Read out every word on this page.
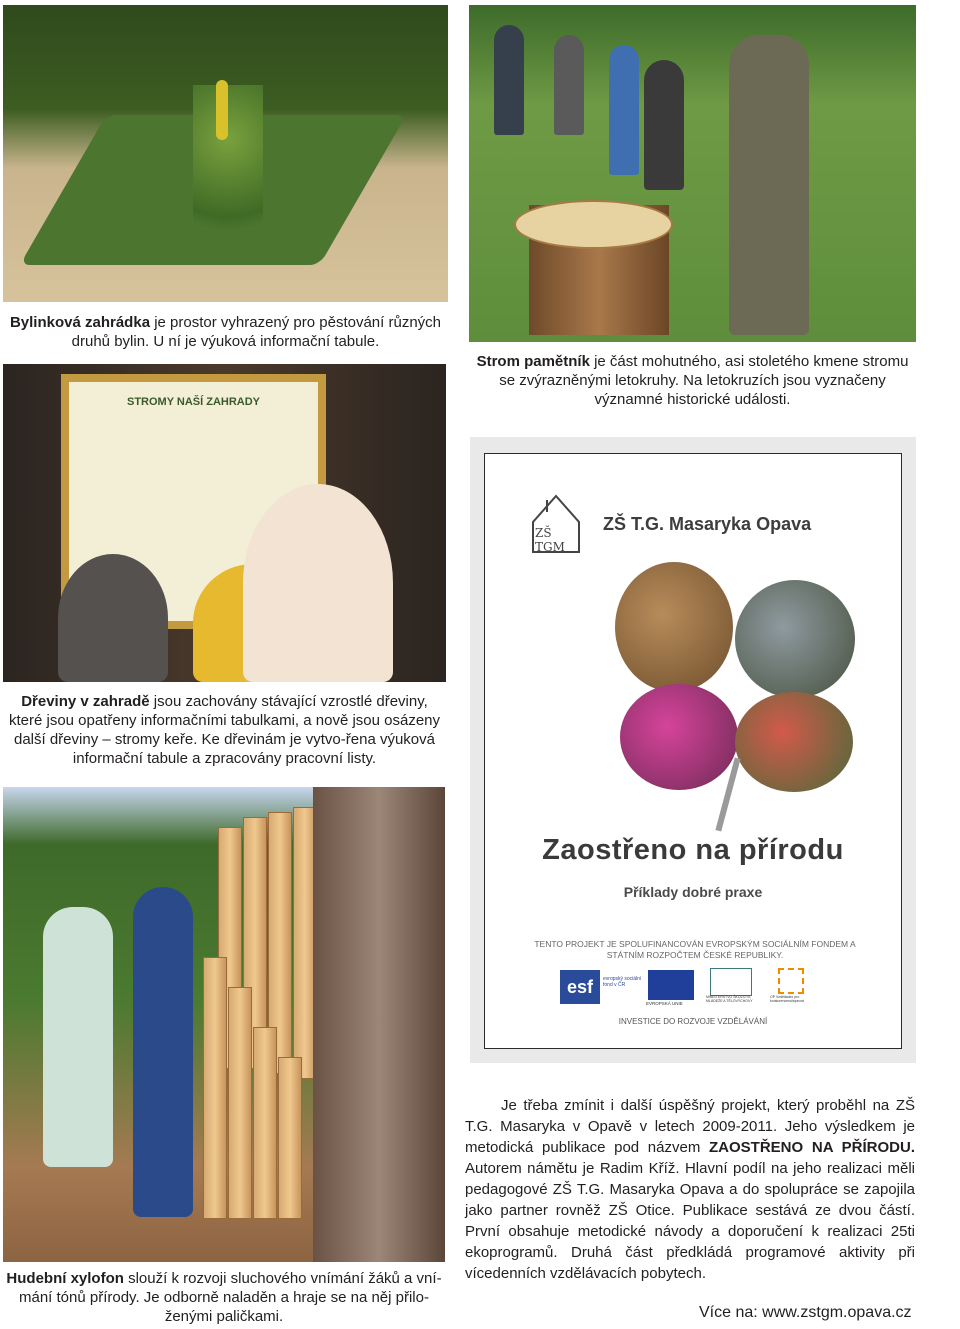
Bylinková zahrádka je prostor vyhrazený pro pěstování různých druhů bylin. U ní je výuková informační tabule.
Strom pamětník je část mohutného, asi stoletého kmene stromu se zvýrazněnými letokruhy. Na letokruzích jsou vyznačeny významné historické události.
STROMY NAŠÍ ZAHRADY
Dřeviny v zahradě jsou zachovány stávající vzrostlé dřeviny, které jsou opatřeny informačními tabulkami, a nově jsou osázeny další dřeviny – stromy keře. Ke dřevinám je vytvo-řena výuková informační tabule a zpracovány pracovní listy.
Hudební xylofon slouží k rozvoji sluchového vnímání žáků a vní-mání tónů přírody. Je odborně naladěn a hraje se na něj přilo-ženými paličkami.
ZŠ TGM
ZŠ T.G. Masaryka Opava
Zaostřeno na přírodu
Příklady dobré praxe
TENTO PROJEKT JE SPOLUFINANCOVÁN EVROPSKÝM SOCIÁLNÍM FONDEM A STÁTNÍM ROZPOČTEM ČESKÉ REPUBLIKY.
esf	evropský sociální fond v ČR
EVROPSKÁ UNIE
MINISTERSTVO ŠKOLSTVÍ, MLÁDEŽE A TĚLOVÝCHOVY
OP Vzdělávání pro konkurenceschopnost
INVESTICE DO ROZVOJE VZDĚLÁVÁNÍ
Je třeba zmínit i další úspěšný projekt, který proběhl na ZŠ T.G. Masaryka v Opavě v letech 2009-2011. Jeho výsledkem je metodická publikace pod názvem ZAOSTŘENO NA PŘÍRODU. Autorem námětu je Radim Kříž. Hlavní podíl na jeho realizaci měli pedagogové ZŠ T.G. Masaryka Opava a do spolupráce se zapojila jako partner rovněž ZŠ Otice. Publikace sestává ze dvou částí. První obsahuje metodické návody a doporučení k realizaci 25ti ekoprogramů. Druhá část předkládá programové aktivity při vícedenních vzdělávacích pobytech.
Více na: www.zstgm.opava.cz
